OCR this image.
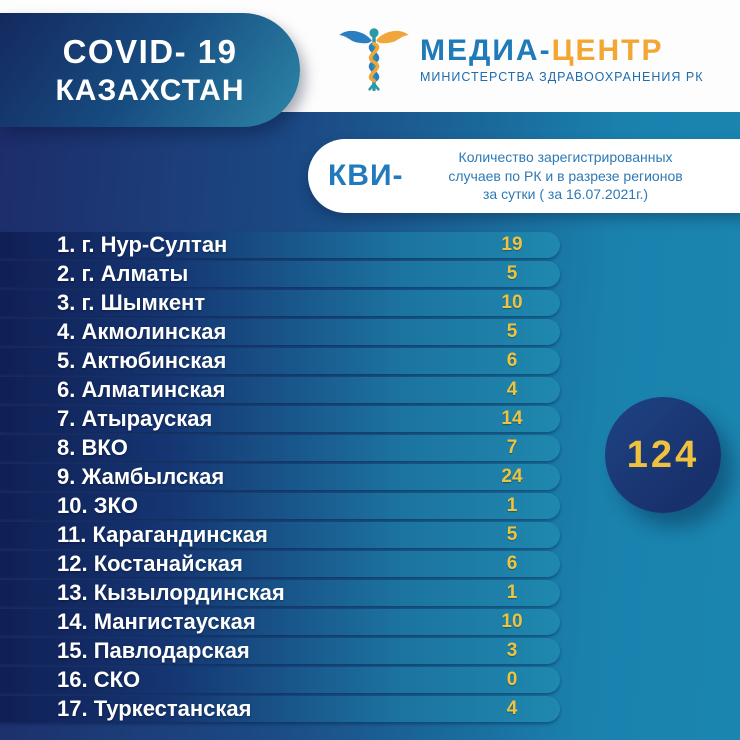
COVID- 19
КАЗАХСТАН
МЕДИА-ЦЕНТР
МИНИСТЕРСТВА ЗДРАВООХРАНЕНИЯ РК
КВИ-
Количество зарегистрированных
случаев по РК и в разрезе регионов
за сутки ( за 16.07.2021г.)
1. г. Нур-Султан	19
2. г. Алматы	5
3. г. Шымкент	10
4. Акмолинская	5
5. Актюбинская	6
6. Алматинская	4
7. Атырауская	14
8. ВКО	7
9. Жамбылская	24
10. ЗКО	1
11. Карагандинская	5
12. Костанайская	6
13. Кызылординская	1
14. Мангистауская	10
15. Павлодарская	3
16. СКО	0
17. Туркестанская	4
124
